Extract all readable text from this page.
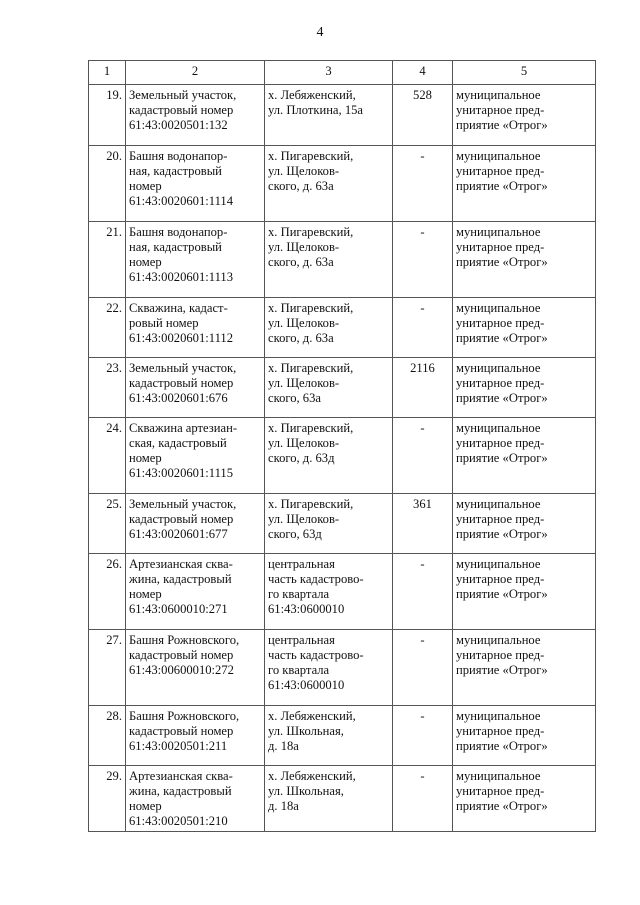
4
1	2	3	4	5
19.	Земельный участок,
кадастровый номер
61:43:0020501:132	х. Лебяженский,
ул. Плоткина, 15а	528	муниципальное
унитарное пред-
приятие «Отрог»

20.	Башня водонапор-
ная, кадастровый
номер
61:43:0020601:1114	х. Пигаревский,
ул. Щелоков-
ского, д. 63а	-	муниципальное
унитарное пред-
приятие «Отрог»

21.	Башня водонапор-
ная, кадастровый
номер
61:43:0020601:1113	х. Пигаревский,
ул. Щелоков-
ского, д. 63а	-	муниципальное
унитарное пред-
приятие «Отрог»

22.	Скважина, кадаст-
ровый номер
61:43:0020601:1112	х. Пигаревский,
ул. Щелоков-
ского, д. 63а	-	муниципальное
унитарное пред-
приятие «Отрог»

23.	Земельный участок,
кадастровый номер
61:43:0020601:676	х. Пигаревский,
ул. Щелоков-
ского, 63а	2116	муниципальное
унитарное пред-
приятие «Отрог»

24.	Скважина артезиан-
ская, кадастровый
номер
61:43:0020601:1115	х. Пигаревский,
ул. Щелоков-
ского, д. 63д	-	муниципальное
унитарное пред-
приятие «Отрог»

25.	Земельный участок,
кадастровый номер
61:43:0020601:677	х. Пигаревский,
ул. Щелоков-
ского, 63д	361	муниципальное
унитарное пред-
приятие «Отрог»

26.	Артезианская сква-
жина, кадастровый
номер
61:43:0600010:271	центральная
часть кадастрово-
го квартала
61:43:0600010	-	муниципальное
унитарное пред-
приятие «Отрог»

27.	Башня Рожновского,
кадастровый номер
61:43:00600010:272	центральная
часть кадастрово-
го квартала
61:43:0600010	-	муниципальное
унитарное пред-
приятие «Отрог»

28.	Башня Рожновского,
кадастровый номер
61:43:0020501:211	х. Лебяженский,
ул. Школьная,
д. 18а	-	муниципальное
унитарное пред-
приятие «Отрог»

29.	Артезианская сква-
жина, кадастровый
номер
61:43:0020501:210	х. Лебяженский,
ул. Школьная,
д. 18а	-	муниципальное
унитарное пред-
приятие «Отрог»
